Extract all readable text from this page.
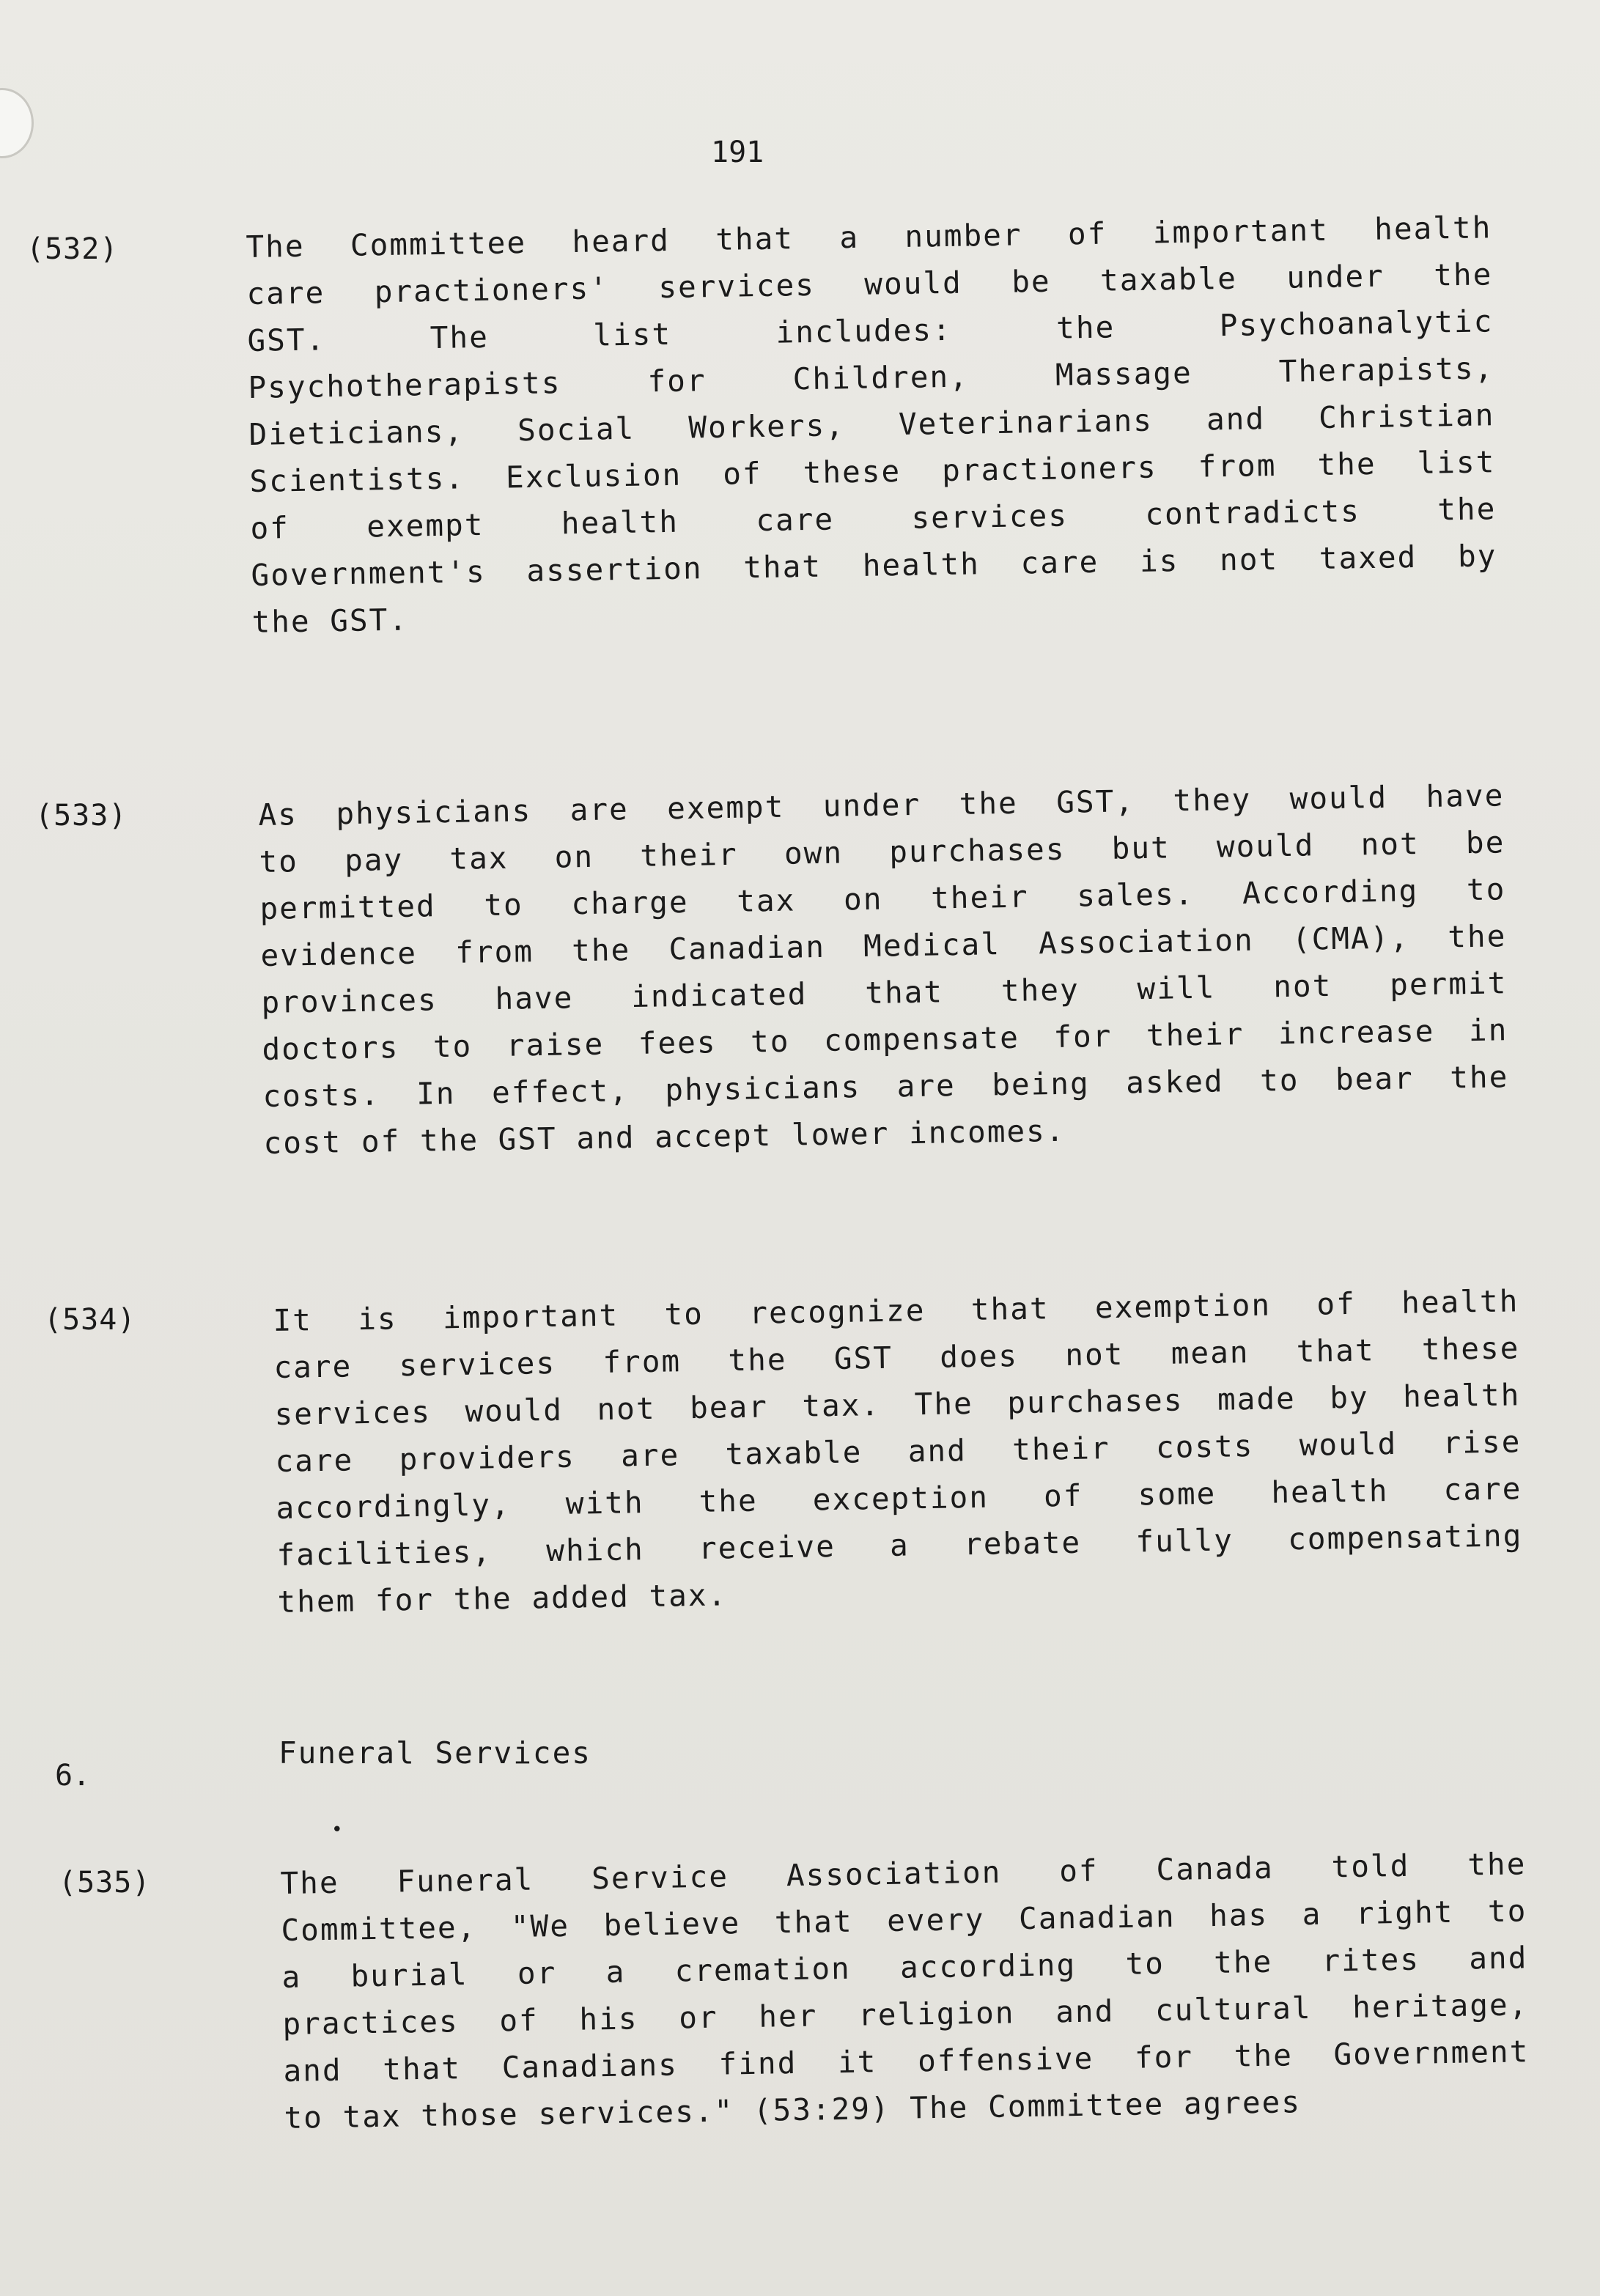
191
(532)	The Committee heard that a number of important health
care practioners' services would be taxable under the
GST. The list includes: the Psychoanalytic
Psychotherapists for Children, Massage Therapists,
Dieticians, Social Workers, Veterinarians and Christian
Scientists. Exclusion of these practioners from the list
of exempt health care services contradicts the
Government's assertion that health care is not taxed by
the GST.
(533)	As physicians are exempt under the GST, they would have
to pay tax on their own purchases but would not be
permitted to charge tax on their sales. According to
evidence from the Canadian Medical Association (CMA), the
provinces have indicated that they will not permit
doctors to raise fees to compensate for their increase in
costs. In effect, physicians are being asked to bear the
cost of the GST and accept lower incomes.
(534)	It is important to recognize that exemption of health
care services from the GST does not mean that these
services would not bear tax. The purchases made by health
care providers are taxable and their costs would rise
accordingly, with the exception of some health care
facilities, which receive a rebate fully compensating
them for the added tax.
6.
Funeral Services
•
(535)	The Funeral Service Association of Canada told the
Committee, "We believe that every Canadian has a right to
a burial or a cremation according to the rites and
practices of his or her religion and cultural heritage,
and that Canadians find it offensive for the Government
to tax those services." (53:29) The Committee agrees
